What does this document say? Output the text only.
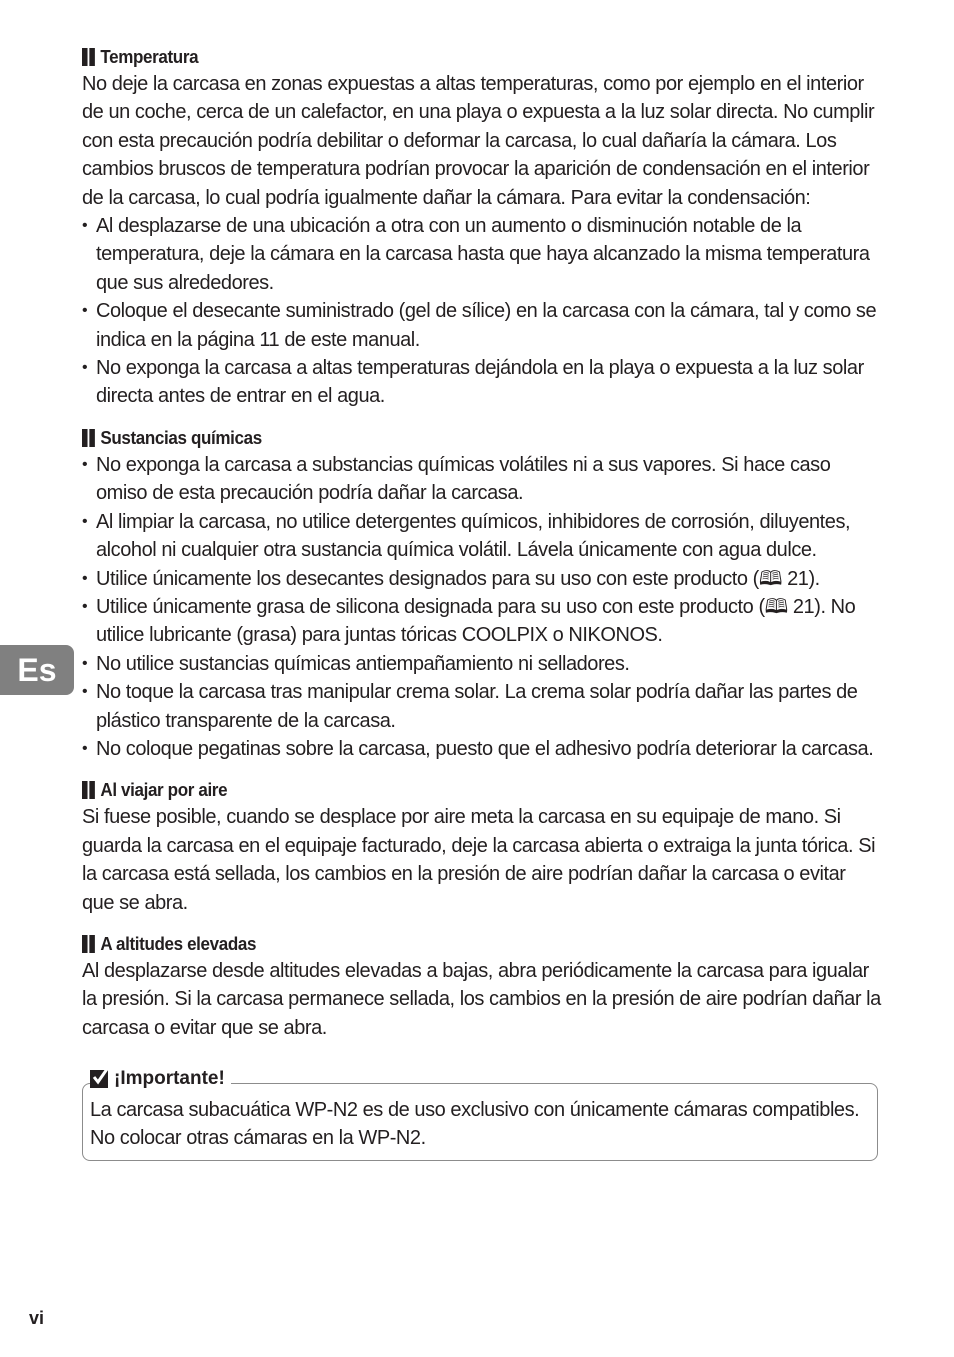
Temperatura

No deje la carcasa en zonas expuestas a altas temperaturas, como por ejemplo en el interior de un coche, cerca de un calefactor, en una playa o expuesta a la luz solar directa. No cumplir con esta precaución podría debilitar o deformar la carcasa, lo cual dañaría la cámara. Los cambios bruscos de temperatura podrían provocar la aparición de condensación en el interior de la carcasa, lo cual podría igualmente dañar la cámara. Para evitar la condensación:

• Al desplazarse de una ubicación a otra con un aumento o disminución notable de la temperatura, deje la cámara en la carcasa hasta que haya alcanzado la misma temperatura que sus alrededores.
• Coloque el desecante suministrado (gel de sílice) en la carcasa con la cámara, tal y como se indica en la página 11 de este manual.
• No exponga la carcasa a altas temperaturas dejándola en la playa o expuesta a la luz solar directa antes de entrar en el agua.
Sustancias químicas
• No exponga la carcasa a substancias químicas volátiles ni a sus vapores. Si hace caso omiso de esta precaución podría dañar la carcasa.
• Al limpiar la carcasa, no utilice detergentes químicos, inhibidores de corrosión, diluyentes, alcohol ni cualquier otra sustancia química volátil. Lávela únicamente con agua dulce.
• Utilice únicamente los desecantes designados para su uso con este producto (🕮 21).
• Utilice únicamente grasa de silicona designada para su uso con este producto (🕮 21). No utilice lubricante (grasa) para juntas tóricas COOLPIX o NIKONOS.
• No utilice sustancias químicas antiempañamiento ni selladores.
• No toque la carcasa tras manipular crema solar. La crema solar podría dañar las partes de plástico transparente de la carcasa.
• No coloque pegatinas sobre la carcasa, puesto que el adhesivo podría deteriorar la carcasa.
Al viajar por aire

Si fuese posible, cuando se desplace por aire meta la carcasa en su equipaje de mano. Si guarda la carcasa en el equipaje facturado, deje la carcasa abierta o extraiga la junta tórica. Si la carcasa está sellada, los cambios en la presión de aire podrían dañar la carcasa o evitar que se abra.

A altitudes elevadas

Al desplazarse desde altitudes elevadas a bajas, abra periódicamente la carcasa para igualar la presión. Si la carcasa permanece sellada, los cambios en la presión de aire podrían dañar la carcasa o evitar que se abra.

Es
¡Importante!
La carcasa subacuática WP-N2 es de uso exclusivo con únicamente cámaras compatibles. No colocar otras cámaras en la WP-N2.
vi
